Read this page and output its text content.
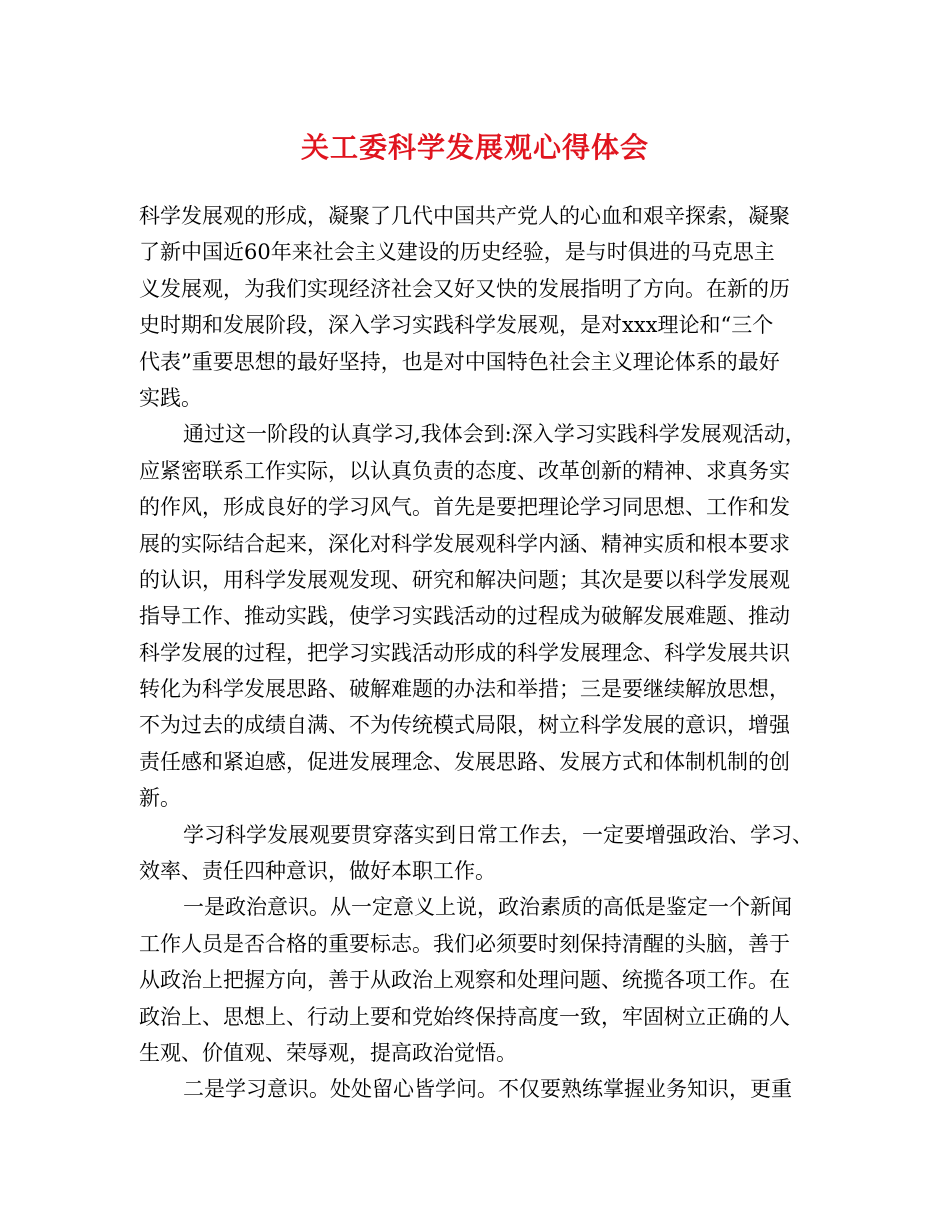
关工委科学发展观心得体会
科学发展观的形成，凝聚了几代中国共产党人的心血和艰辛探索，凝聚
了新中国近60年来社会主义建设的历史经验，是与时俱进的马克思主
义发展观，为我们实现经济社会又好又快的发展指明了方向。在新的历
史时期和发展阶段，深入学习实践科学发展观，是对xxx理论和“三个
代表”重要思想的最好坚持，也是对中国特色社会主义理论体系的最好
实践。
通过这一阶段的认真学习,我体会到:深入学习实践科学发展观活动，
应紧密联系工作实际，以认真负责的态度、改革创新的精神、求真务实
的作风，形成良好的学习风气。首先是要把理论学习同思想、工作和发
展的实际结合起来，深化对科学发展观科学内涵、精神实质和根本要求
的认识，用科学发展观发现、研究和解决问题；其次是要以科学发展观
指导工作、推动实践，使学习实践活动的过程成为破解发展难题、推动
科学发展的过程，把学习实践活动形成的科学发展理念、科学发展共识
转化为科学发展思路、破解难题的办法和举措；三是要继续解放思想，
不为过去的成绩自满、不为传统模式局限，树立科学发展的意识，增强
责任感和紧迫感，促进发展理念、发展思路、发展方式和体制机制的创
新。
学习科学发展观要贯穿落实到日常工作去，一定要增强政治、学习、
效率、责任四种意识，做好本职工作。
一是政治意识。从一定意义上说，政治素质的高低是鉴定一个新闻
工作人员是否合格的重要标志。我们必须要时刻保持清醒的头脑，善于
从政治上把握方向，善于从政治上观察和处理问题、统揽各项工作。在
政治上、思想上、行动上要和党始终保持高度一致，牢固树立正确的人
生观、价值观、荣辱观，提高政治觉悟。
二是学习意识。处处留心皆学问。不仅要熟练掌握业务知识，更重
